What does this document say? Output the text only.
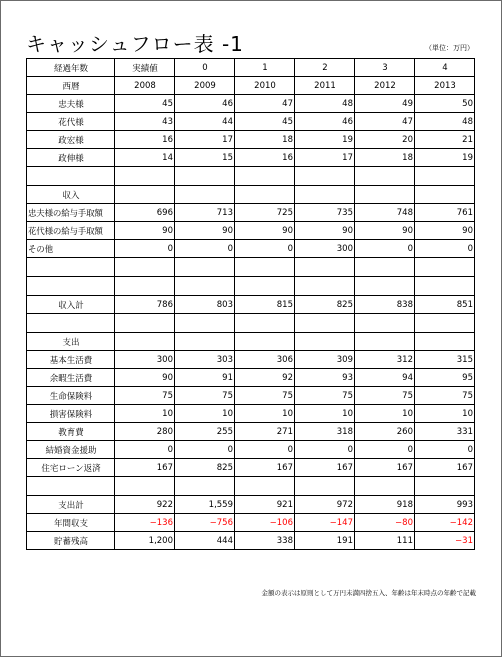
キャッシュフロー表 -1	（単位：万円）
経過年数	実績値	0	1	2	3	4
西暦	2008	2009	2010	2011	2012	2013
忠夫様	45	46	47	48	49	50
花代様	43	44	45	46	47	48
政宏様	16	17	18	19	20	21
政伸様	14	15	16	17	18	19

収入						
忠夫様の給与手取額	696	713	725	735	748	761
花代様の給与手取額	90	90	90	90	90	90
その他	0	0	0	300	0	0

収入計	786	803	815	825	838	851

支出						
基本生活費	300	303	306	309	312	315
余暇生活費	90	91	92	93	94	95
生命保険料	75	75	75	75	75	75
損害保険料	10	10	10	10	10	10
教育費	280	255	271	318	260	331
結婚資金援助	0	0	0	0	0	0
住宅ローン返済	167	825	167	167	167	167

支出計	922	1,559	921	972	918	993
年間収支	−136	−756	−106	−147	−80	−142
貯蓄残高	1,200	444	338	191	111	−31
金額の表示は原則として万円未満四捨五入、年齢は年末時点の年齢で記載
